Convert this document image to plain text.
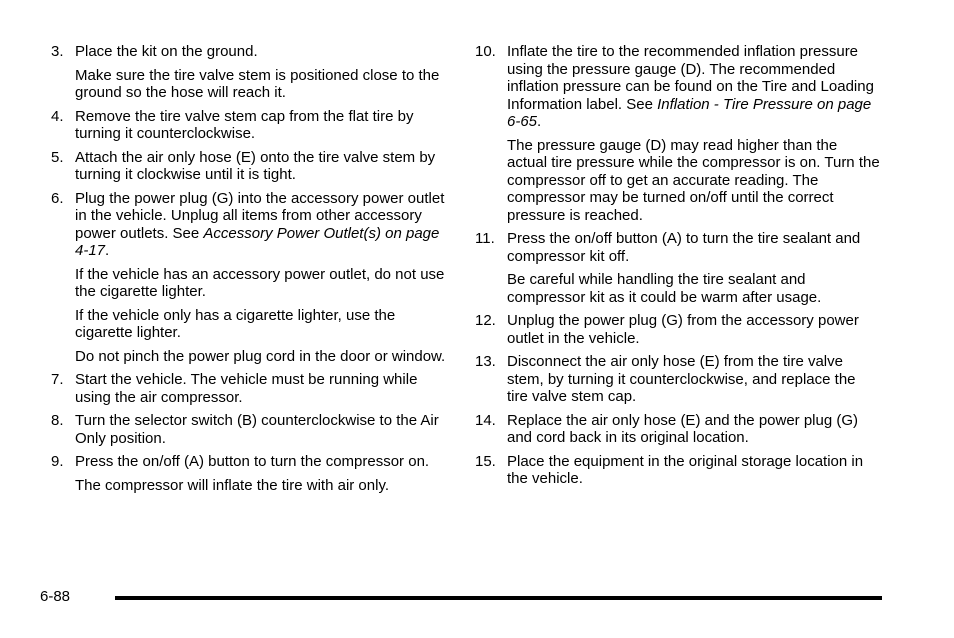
3. Place the kit on the ground.
Make sure the tire valve stem is positioned close to the ground so the hose will reach it.
4. Remove the tire valve stem cap from the flat tire by turning it counterclockwise.
5. Attach the air only hose (E) onto the tire valve stem by turning it clockwise until it is tight.
6. Plug the power plug (G) into the accessory power outlet in the vehicle. Unplug all items from other accessory power outlets. See Accessory Power Outlet(s) on page 4-17.
If the vehicle has an accessory power outlet, do not use the cigarette lighter.
If the vehicle only has a cigarette lighter, use the cigarette lighter.
Do not pinch the power plug cord in the door or window.
7. Start the vehicle. The vehicle must be running while using the air compressor.
8. Turn the selector switch (B) counterclockwise to the Air Only position.
9. Press the on/off (A) button to turn the compressor on.
The compressor will inflate the tire with air only.
10. Inflate the tire to the recommended inflation pressure using the pressure gauge (D). The recommended inflation pressure can be found on the Tire and Loading Information label. See Inflation - Tire Pressure on page 6-65.
The pressure gauge (D) may read higher than the actual tire pressure while the compressor is on. Turn the compressor off to get an accurate reading. The compressor may be turned on/off until the correct pressure is reached.
11. Press the on/off button (A) to turn the tire sealant and compressor kit off.
Be careful while handling the tire sealant and compressor kit as it could be warm after usage.
12. Unplug the power plug (G) from the accessory power outlet in the vehicle.
13. Disconnect the air only hose (E) from the tire valve stem, by turning it counterclockwise, and replace the tire valve stem cap.
14. Replace the air only hose (E) and the power plug (G) and cord back in its original location.
15. Place the equipment in the original storage location in the vehicle.
6-88
